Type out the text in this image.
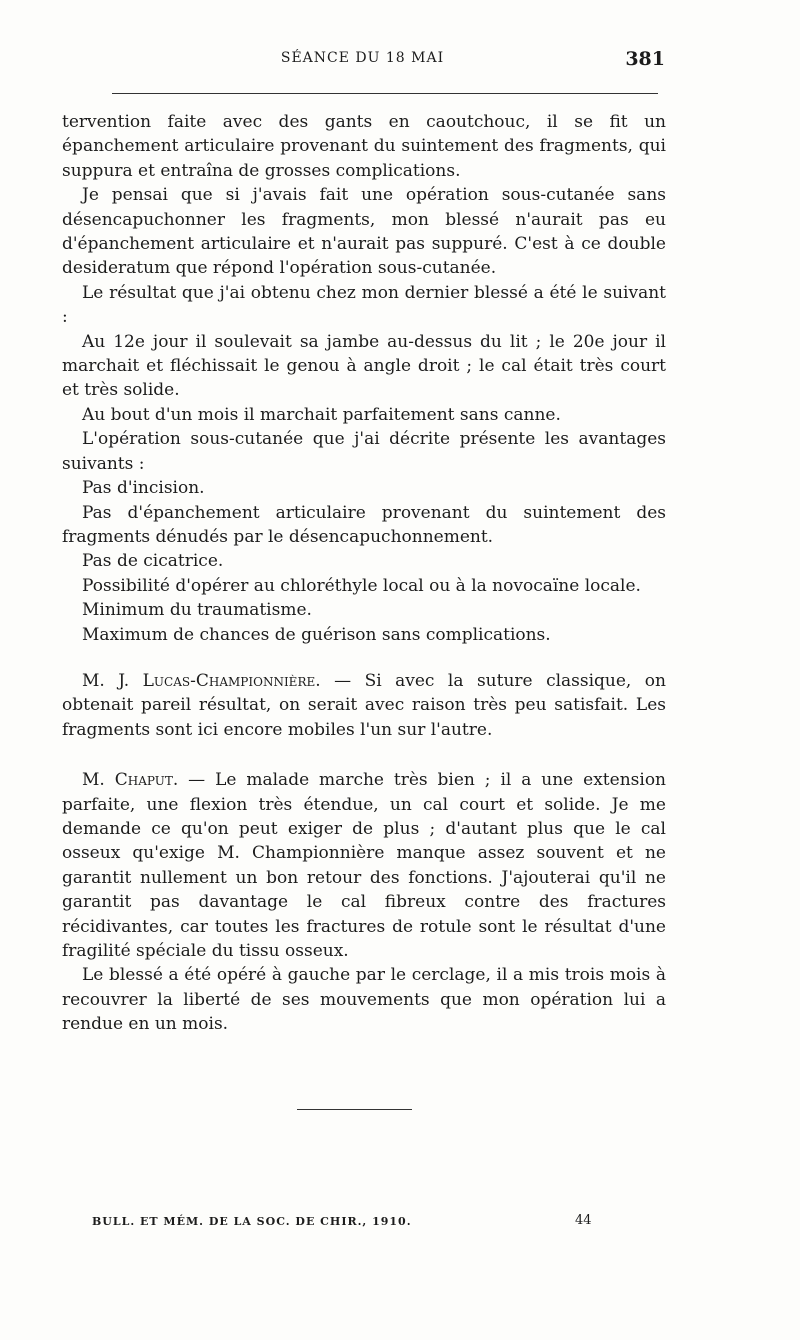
SÉANCE DU 18 MAI	381

tervention faite avec des gants en caoutchouc, il se fit un épanchement articulaire provenant du suintement des fragments, qui suppura et entraîna de grosses complications.

Je pensai que si j'avais fait une opération sous-cutanée sans désencapuchonner les fragments, mon blessé n'aurait pas eu d'épanchement articulaire et n'aurait pas suppuré. C'est à ce double desideratum que répond l'opération sous-cutanée.

Le résultat que j'ai obtenu chez mon dernier blessé a été le suivant :

Au 12e jour il soulevait sa jambe au-dessus du lit ; le 20e jour il marchait et fléchissait le genou à angle droit ; le cal était très court et très solide.

Au bout d'un mois il marchait parfaitement sans canne.

L'opération sous-cutanée que j'ai décrite présente les avantages suivants :

Pas d'incision.

Pas d'épanchement articulaire provenant du suintement des fragments dénudés par le désencapuchonnement.

Pas de cicatrice.

Possibilité d'opérer au chloréthyle local ou à la novocaïne locale.

Minimum du traumatisme.

Maximum de chances de guérison sans complications.

M. J. Lucas-Championnière. — Si avec la suture classique, on obtenait pareil résultat, on serait avec raison très peu satisfait. Les fragments sont ici encore mobiles l'un sur l'autre.

M. Chaput. — Le malade marche très bien ; il a une extension parfaite, une flexion très étendue, un cal court et solide. Je me demande ce qu'on peut exiger de plus ; d'autant plus que le cal osseux qu'exige M. Championnière manque assez souvent et ne garantit nullement un bon retour des fonctions. J'ajouterai qu'il ne garantit pas davantage le cal fibreux contre des fractures récidivantes, car toutes les fractures de rotule sont le résultat d'une fragilité spéciale du tissu osseux.

Le blessé a été opéré à gauche par le cerclage, il a mis trois mois à recouvrer la liberté de ses mouvements que mon opération lui a rendue en un mois.

BULL. ET MÉM. DE LA SOC. DE CHIR., 1910.	44
